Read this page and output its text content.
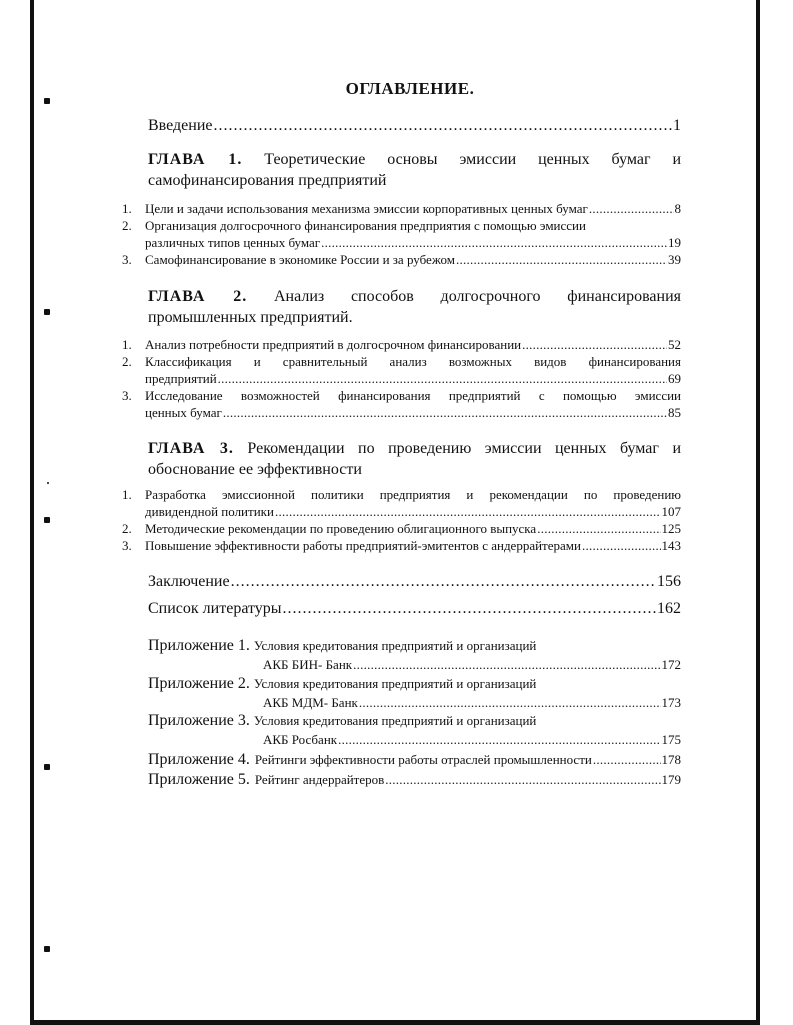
ОГЛАВЛЕНИЕ.
Введение . . .	1
ГЛАВА 1. Теоретические основы эмиссии ценных бумаг и
самофинансирования предприятий
1. Цели и задачи использования механизма эмиссии корпоративных ценных бумаг . . .	8
2. Организация долгосрочного финансирования предприятия с помощью эмиссии
различных типов ценных бумаг . . .	19
3. Самофинансирование в экономике России и за рубежом . . .	39
ГЛАВА 2. Анализ способов долгосрочного финансирования
промышленных предприятий.
1. Анализ потребности предприятий в долгосрочном финансировании . . .	52
2. Классификация и сравнительный анализ возможных видов финансирования
предприятий . . .	69
3. Исследование возможностей финансирования предприятий с помощью эмиссии
ценных бумаг . . .	85
ГЛАВА 3. Рекомендации по проведению эмиссии ценных бумаг и
обоснование ее эффективности
1. Разработка эмиссионной политики предприятия и рекомендации по проведению
дивидендной политики . . .	107
2. Методические рекомендации по проведению облигационного выпуска . . .	125
3. Повышение эффективности работы предприятий-эмитентов с андеррайтерами . . .	143
Заключение . . .	156
Список литературы . . .	162
Приложение 1. Условия кредитования предприятий и организаций
АКБ БИН- Банк . . .	172
Приложение 2. Условия кредитования предприятий и организаций
АКБ МДМ- Банк . . .	173
Приложение 3. Условия кредитования предприятий и организаций
АКБ Росбанк . . .	175
Приложение 4. Рейтинги эффективности работы отраслей промышленности . . .	178
Приложение 5. Рейтинг андеррайтеров . . .	179
